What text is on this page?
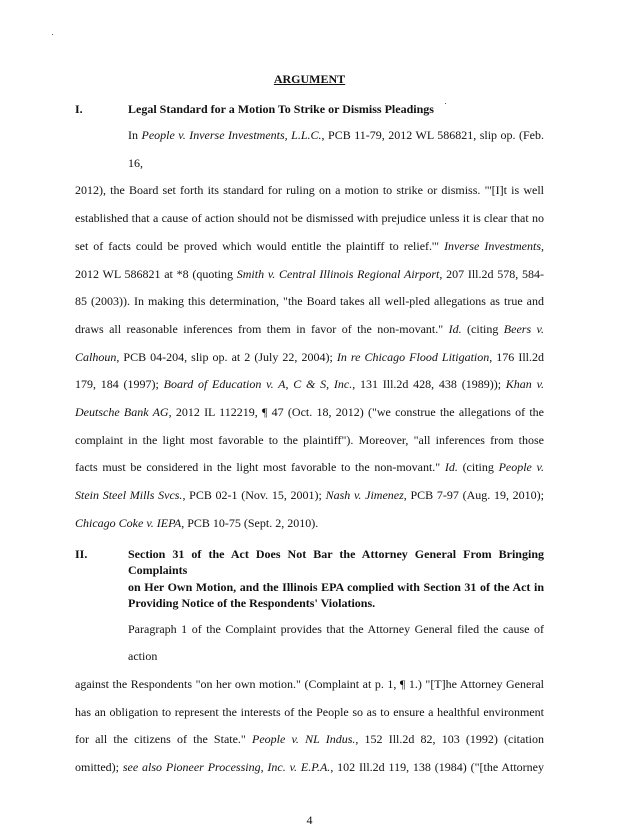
ARGUMENT
I.	Legal Standard for a Motion To Strike or Dismiss Pleadings
In People v. Inverse Investments, L.L.C., PCB 11-79, 2012 WL 586821, slip op. (Feb. 16,
2012), the Board set forth its standard for ruling on a motion to strike or dismiss. "'[I]t is well
established that a cause of action should not be dismissed with prejudice unless it is clear that no
set of facts could be proved which would entitle the plaintiff to relief.'" Inverse Investments,
2012 WL 586821 at *8 (quoting Smith v. Central Illinois Regional Airport, 207 Ill.2d 578, 584-
85 (2003)). In making this determination, "the Board takes all well-pled allegations as true and
draws all reasonable inferences from them in favor of the non-movant." Id. (citing Beers v.
Calhoun, PCB 04-204, slip op. at 2 (July 22, 2004); In re Chicago Flood Litigation, 176 Ill.2d
179, 184 (1997); Board of Education v. A, C & S, Inc., 131 Ill.2d 428, 438 (1989)); Khan v.
Deutsche Bank AG, 2012 IL 112219, ¶ 47 (Oct. 18, 2012) ("we construe the allegations of the
complaint in the light most favorable to the plaintiff"). Moreover, "all inferences from those
facts must be considered in the light most favorable to the non-movant." Id. (citing People v.
Stein Steel Mills Svcs., PCB 02-1 (Nov. 15, 2001); Nash v. Jimenez, PCB 7-97 (Aug. 19, 2010);
Chicago Coke v. IEPA, PCB 10-75 (Sept. 2, 2010).
II.	Section 31 of the Act Does Not Bar the Attorney General From Bringing Complaints
on Her Own Motion, and the Illinois EPA complied with Section 31 of the Act in
Providing Notice of the Respondents' Violations.
Paragraph 1 of the Complaint provides that the Attorney General filed the cause of action
against the Respondents "on her own motion." (Complaint at p. 1, ¶ 1.) "[T]he Attorney General
has an obligation to represent the interests of the People so as to ensure a healthful environment
for all the citizens of the State." People v. NL Indus., 152 Ill.2d 82, 103 (1992) (citation
omitted); see also Pioneer Processing, Inc. v. E.P.A., 102 Ill.2d 119, 138 (1984) ("[the Attorney
4
